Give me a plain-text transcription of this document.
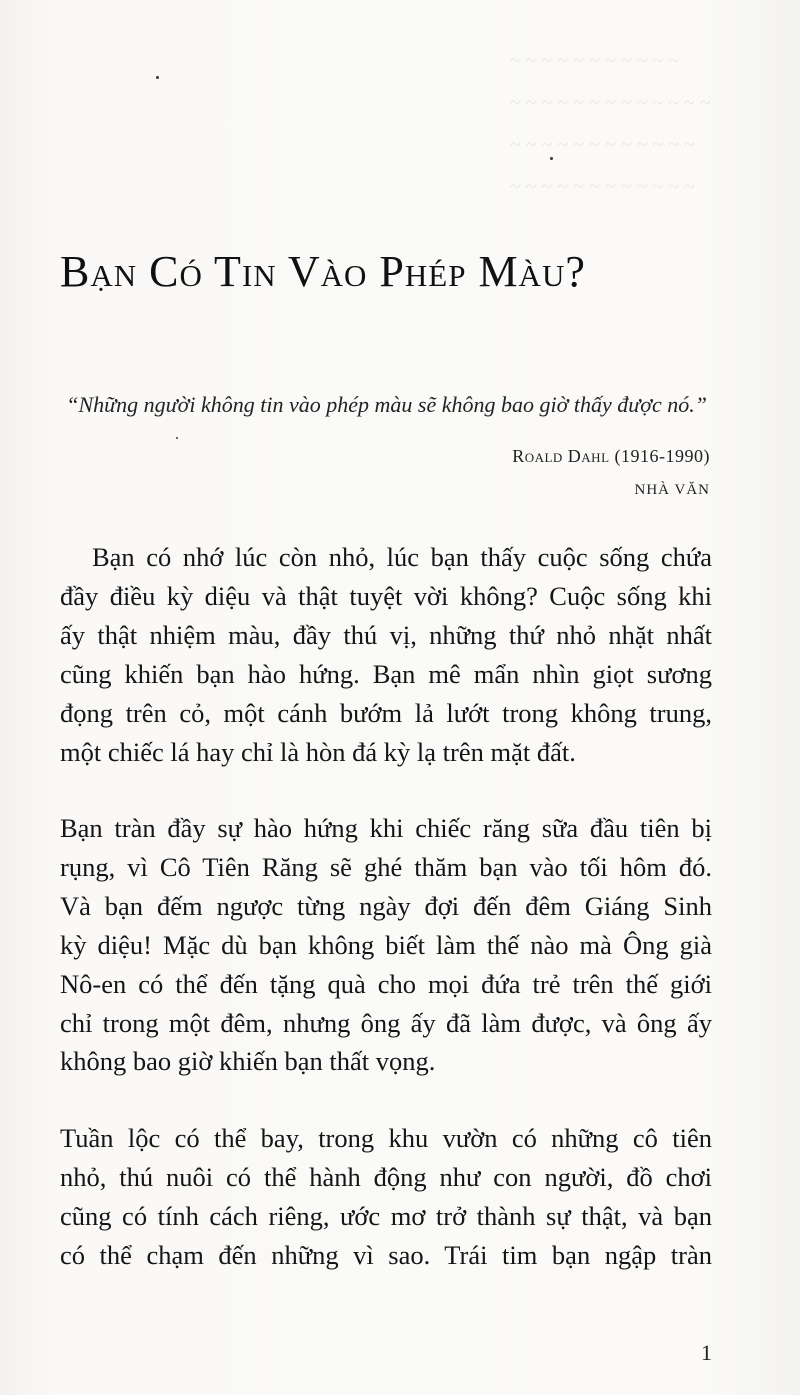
~ ~ ~ ~ ~ ~ ~ ~ ~ ~ ~
~ ~ ~ ~ ~ ~ ~ ~ ~ ~ ~ ~ ~
~ ~ ~ ~ ~ ~ ~ ~ ~ ~ ~ ~
~ ~ ~ ~ ~ ~ ~ ~ ~ ~ ~ ~
Bạn Có Tin Vào Phép Màu?
“Những người không tin vào phép màu sẽ không bao giờ thấy được nó.”
Roald Dahl (1916-1990)
NHÀ VĂN
Bạn có nhớ lúc còn nhỏ, lúc bạn thấy cuộc sống chứa
đầy điều kỳ diệu và thật tuyệt vời không? Cuộc sống khi
ấy thật nhiệm màu, đầy thú vị, những thứ nhỏ nhặt nhất
cũng khiến bạn hào hứng. Bạn mê mẩn nhìn giọt sương
đọng trên cỏ, một cánh bướm lả lướt trong không trung,
một chiếc lá hay chỉ là hòn đá kỳ lạ trên mặt đất.
Bạn tràn đầy sự hào hứng khi chiếc răng sữa đầu tiên bị
rụng, vì Cô Tiên Răng sẽ ghé thăm bạn vào tối hôm đó.
Và bạn đếm ngược từng ngày đợi đến đêm Giáng Sinh
kỳ diệu! Mặc dù bạn không biết làm thế nào mà Ông già
Nô-en có thể đến tặng quà cho mọi đứa trẻ trên thế giới
chỉ trong một đêm, nhưng ông ấy đã làm được, và ông ấy
không bao giờ khiến bạn thất vọng.
Tuần lộc có thể bay, trong khu vườn có những cô tiên
nhỏ, thú nuôi có thể hành động như con người, đồ chơi
cũng có tính cách riêng, ước mơ trở thành sự thật, và bạn
có thể chạm đến những vì sao. Trái tim bạn ngập tràn
1
